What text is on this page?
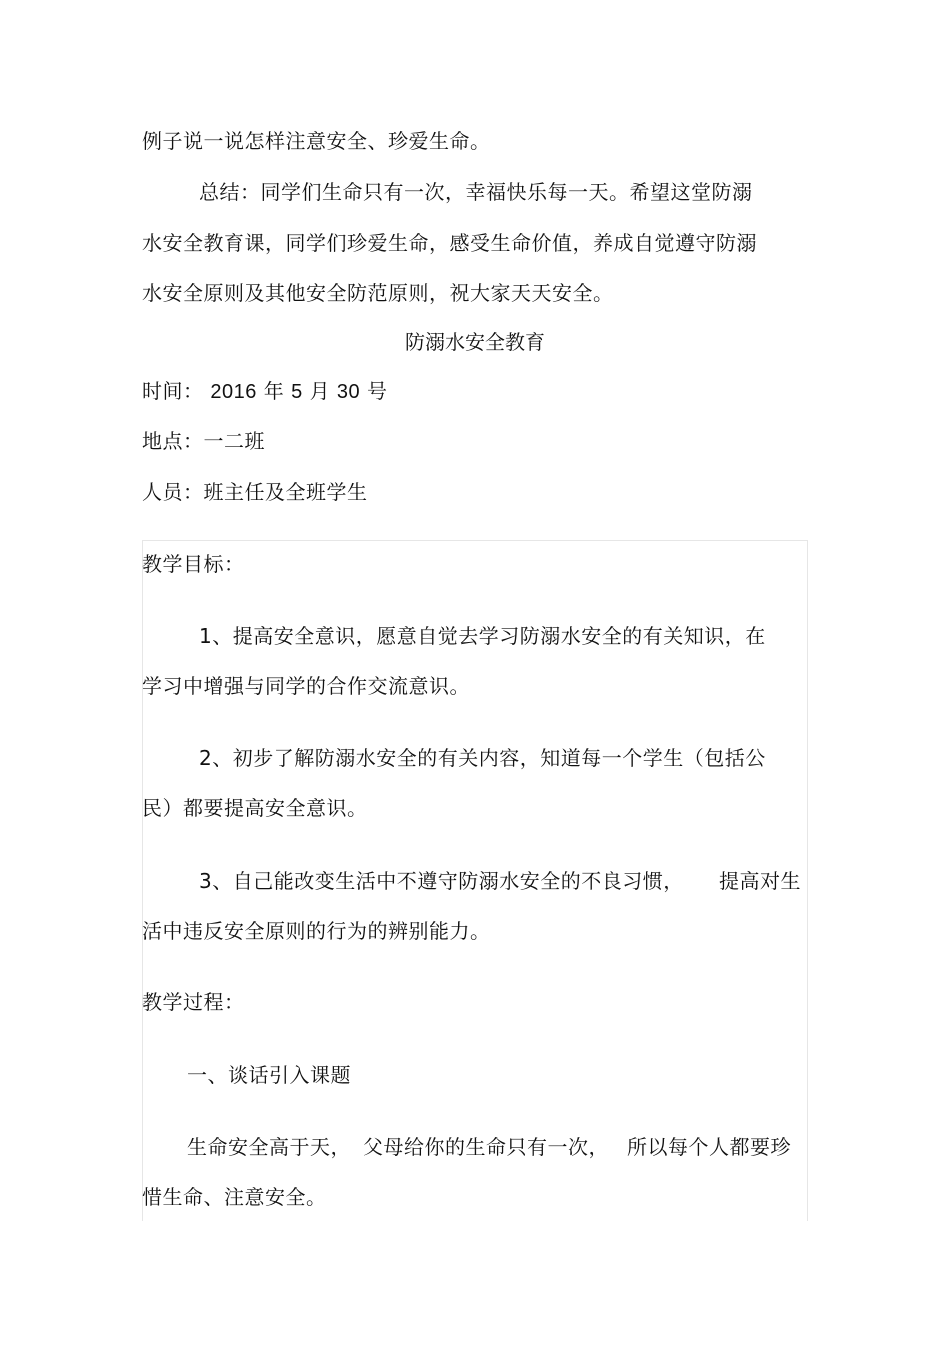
例子说一说怎样注意安全、珍爱生命。
总结：同学们生命只有一次，幸福快乐每一天。希望这堂防溺
水安全教育课，同学们珍爱生命，感受生命价值，养成自觉遵守防溺
水安全原则及其他安全防范原则，祝大家天天安全。
防溺水安全教育
时间： 2016 年 5 月 30 号
地点：一二班
人员：班主任及全班学生
教学目标：
1、提高安全意识，愿意自觉去学习防溺水安全的有关知识，在
学习中增强与同学的合作交流意识。
2、初步了解防溺水安全的有关内容，知道每一个学生（包括公
民）都要提高安全意识。
3、自己能改变生活中不遵守防溺水安全的不良习惯， 提高对生
活中违反安全原则的行为的辨别能力。
教学过程：
一、谈话引入课题
生命安全高于天， 父母给你的生命只有一次， 所以每个人都要珍
惜生命、注意安全。
